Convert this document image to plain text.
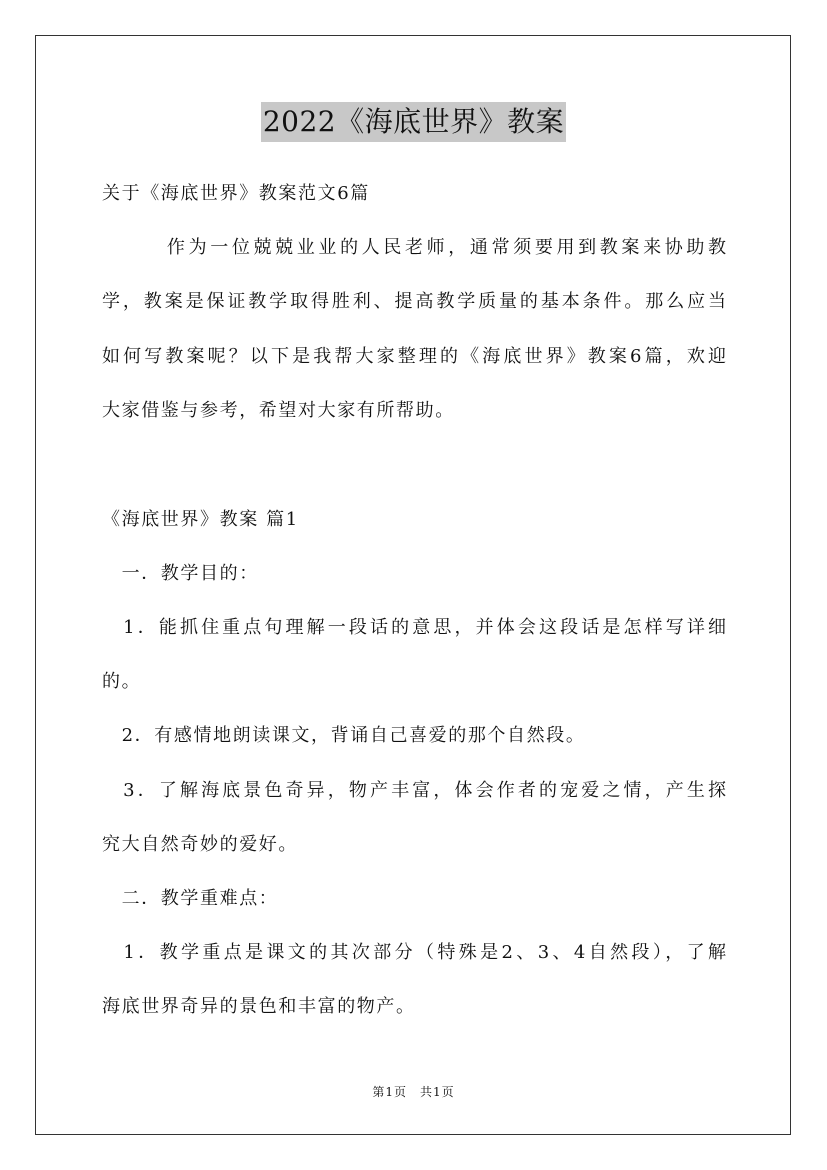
2022《海底世界》教案
关于《海底世界》教案范文6篇
　　　作为一位兢兢业业的人民老师，通常须要用到教案来协助教
学，教案是保证教学取得胜利、提高教学质量的基本条件。那么应当
如何写教案呢？以下是我帮大家整理的《海底世界》教案6篇，欢迎
大家借鉴与参考，希望对大家有所帮助。
《海底世界》教案 篇1
　一．教学目的：
　1．能抓住重点句理解一段话的意思，并体会这段话是怎样写详细
的。
　2．有感情地朗读课文，背诵自己喜爱的那个自然段。
　3．了解海底景色奇异，物产丰富，体会作者的宠爱之情，产生探
究大自然奇妙的爱好。
　二．教学重难点：
　1．教学重点是课文的其次部分（特殊是2、3、4自然段），了解
海底世界奇异的景色和丰富的物产。
第1页　共1页
